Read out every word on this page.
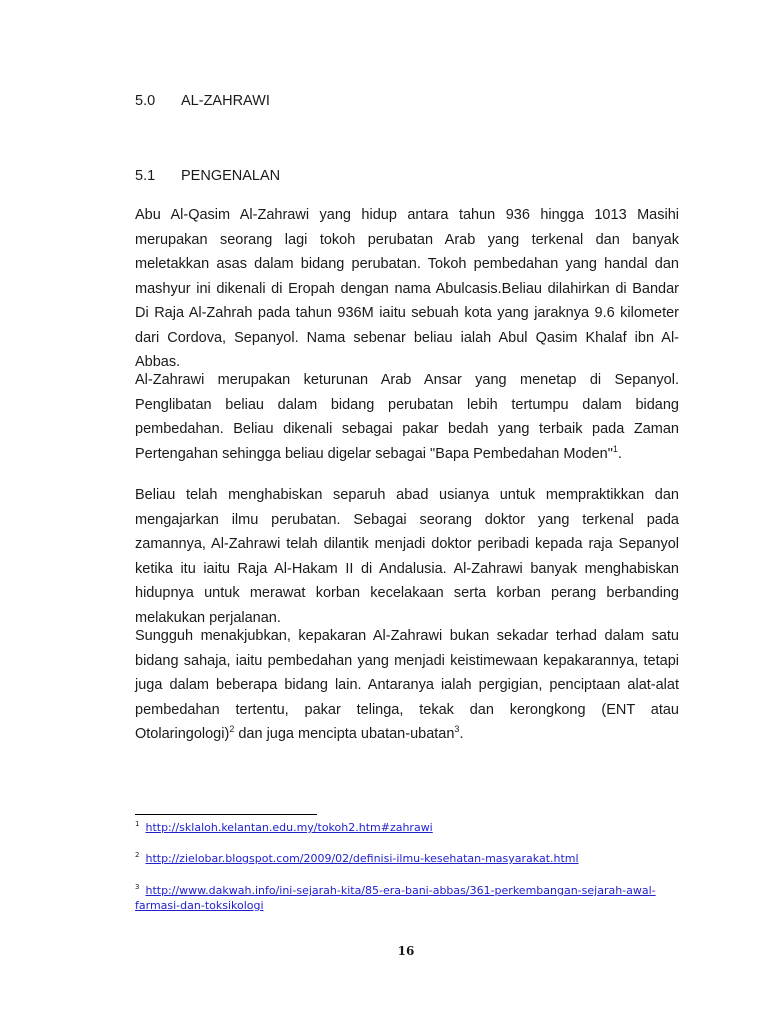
5.0 AL-ZAHRAWI
5.1 PENGENALAN
Abu Al-Qasim Al-Zahrawi yang hidup antara tahun 936 hingga 1013 Masihi merupakan seorang lagi tokoh perubatan Arab yang terkenal dan banyak meletakkan asas dalam bidang perubatan. Tokoh pembedahan yang handal dan mashyur ini dikenali di Eropah dengan nama Abulcasis.Beliau dilahirkan di Bandar Di Raja Al-Zahrah pada tahun 936M iaitu sebuah kota yang jaraknya 9.6 kilometer dari Cordova, Sepanyol. Nama sebenar beliau ialah Abul Qasim Khalaf ibn Al-Abbas.
Al-Zahrawi merupakan keturunan Arab Ansar yang menetap di Sepanyol. Penglibatan beliau dalam bidang perubatan lebih tertumpu dalam bidang pembedahan. Beliau dikenali sebagai pakar bedah yang terbaik pada Zaman Pertengahan sehingga beliau digelar sebagai "Bapa Pembedahan Moden"$^1$.
Beliau telah menghabiskan separuh abad usianya untuk mempraktikkan dan mengajarkan ilmu perubatan. Sebagai seorang doktor yang terkenal pada zamannya, Al-Zahrawi telah dilantik menjadi doktor peribadi kepada raja Sepanyol ketika itu iaitu Raja Al-Hakam II di Andalusia. Al-Zahrawi banyak menghabiskan hidupnya untuk merawat korban kecelakaan serta korban perang berbanding melakukan perjalanan.
Sungguh menakjubkan, kepakaran Al-Zahrawi bukan sekadar terhad dalam satu bidang sahaja, iaitu pembedahan yang menjadi keistimewaan kepakarannya, tetapi juga dalam beberapa bidang lain. Antaranya ialah pergigian, penciptaan alat-alat pembedahan tertentu, pakar telinga, tekak dan kerongkong (ENT atau Otolaringologi)$^2$ dan juga mencipta ubatan-ubatan$^3$.
$^1$ http://sklaloh.kelantan.edu.my/tokoh2.htm#zahrawi
$^2$ http://zielobar.blogspot.com/2009/02/definisi-ilmu-kesehatan-masyarakat.html
$^3$ http://www.dakwah.info/ini-sejarah-kita/85-era-bani-abbas/361-perkembangan-sejarah-awal-farmasi-dan-toksikologi
16
